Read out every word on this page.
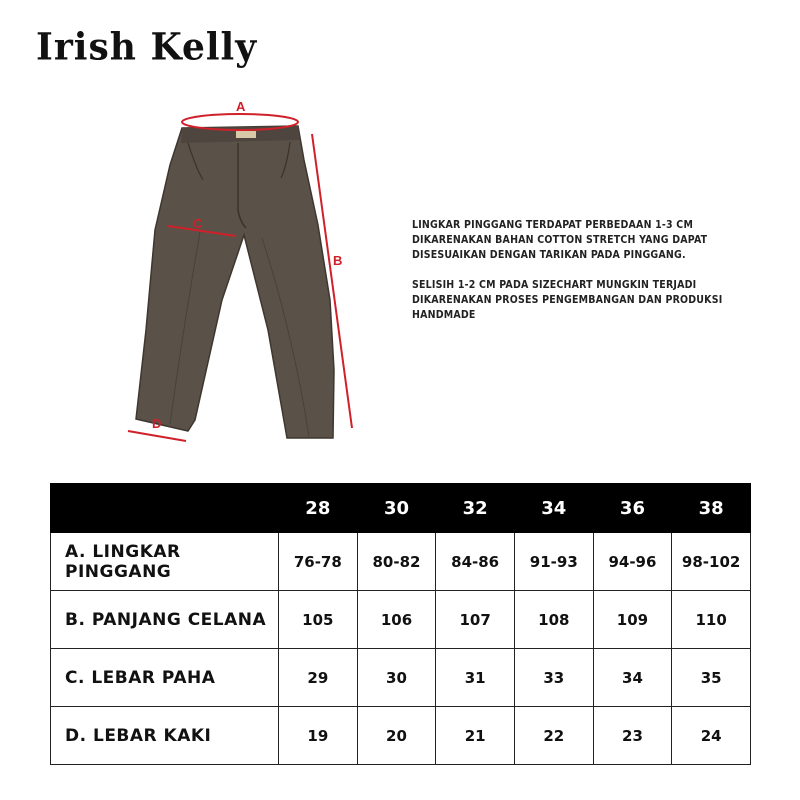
Irish Kelly
A
B
C
D

LINGKAR PINGGANG TERDAPAT PERBEDAAN 1-3 CM DIKARENAKAN BAHAN COTTON STRETCH YANG DAPAT DISESUAIKAN DENGAN TARIKAN PADA PINGGANG.

SELISIH 1-2 CM PADA SIZECHART MUNGKIN TERJADI DIKARENAKAN PROSES PENGEMBANGAN DAN PRODUKSI HANDMADE

	28	30	32	34	36	38
A. LINGKAR PINGGANG	76-78	80-82	84-86	91-93	94-96	98-102
B. PANJANG CELANA	105	106	107	108	109	110
C. LEBAR PAHA	29	30	31	33	34	35
D. LEBAR KAKI	19	20	21	22	23	24
